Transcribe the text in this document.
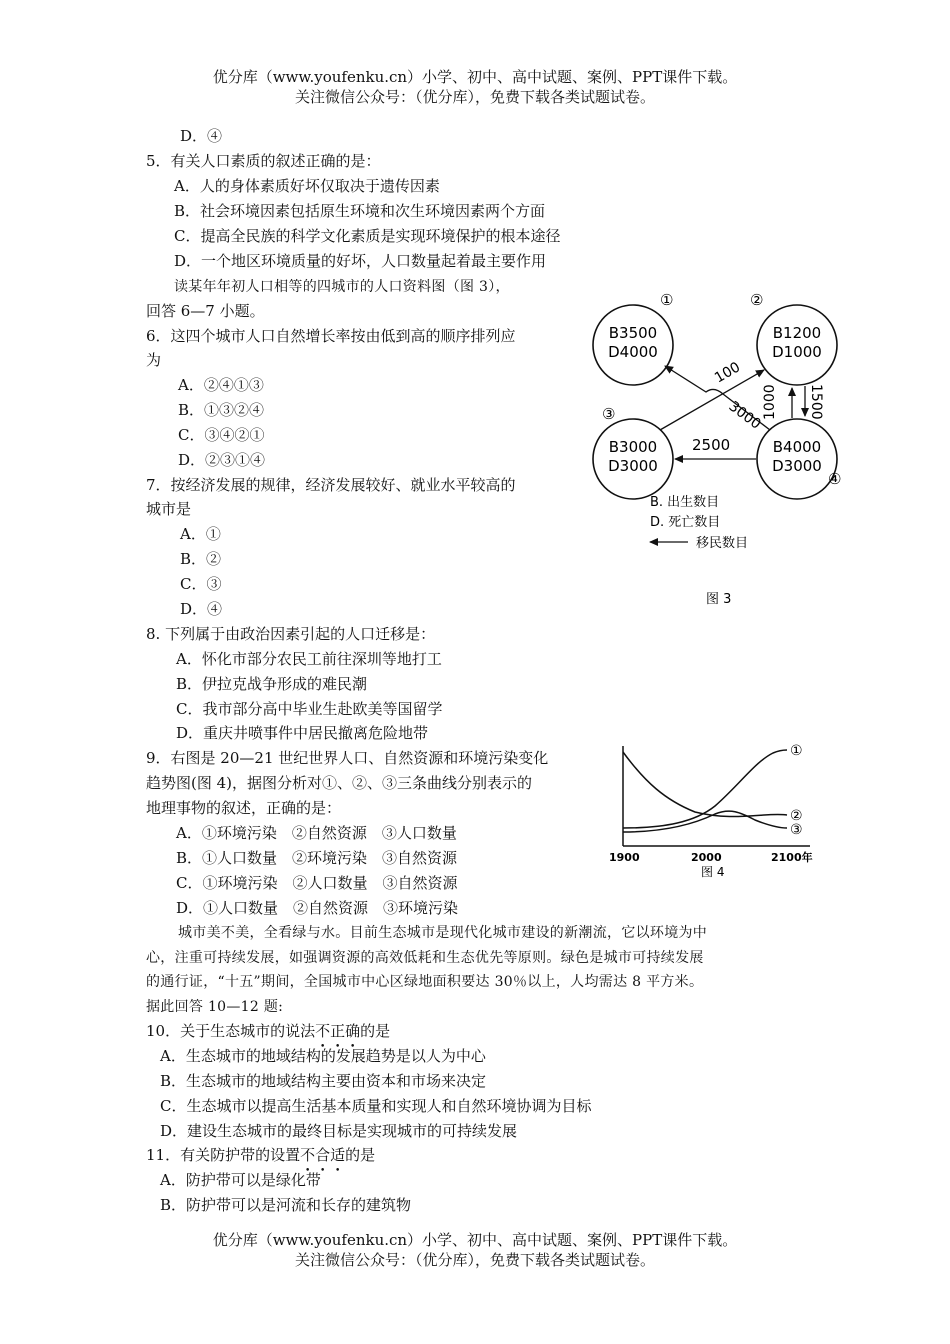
优分库（www.youfenku.cn）小学、初中、高中试题、案例、PPT课件下载。
关注微信公众号：（优分库），免费下载各类试题试卷。
D．④
5．有关人口素质的叙述正确的是：
A．人的身体素质好坏仅取决于遗传因素
B．社会环境因素包括原生环境和次生环境因素两个方面
C．提高全民族的科学文化素质是实现环境保护的根本途径
D．一个地区环境质量的好坏，人口数量起着最主要作用
读某年年初人口相等的四城市的人口资料图（图 3），
回答 6—7 小题。
6．这四个城市人口自然增长率按由低到高的顺序排列应
为
A．②④①③
B．①③②④
C．③④②①
D．②③①④
7．按经济发展的规律，经济发展较好、就业水平较高的
城市是
A．①
B．②
C．③
D．④
①	②
③
④
B3500
D4000
B1200
D1000
B3000
D3000
B4000
D3000
100
3000
2500
1500
1000
B. 出生数目
D. 死亡数目
移民数目
图 3
8. 下列属于由政治因素引起的人口迁移是：
A．怀化市部分农民工前往深圳等地打工
B．伊拉克战争形成的难民潮
C．我市部分高中毕业生赴欧美等国留学
D．重庆井喷事件中居民撤离危险地带
9．右图是 20—21 世纪世界人口、自然资源和环境污染变化
趋势图(图 4)，据图分析对①、②、③三条曲线分别表示的
地理事物的叙述，正确的是：
A．①环境污染　②自然资源　③人口数量
B．①人口数量　②环境污染　③自然资源
C．①环境污染　②人口数量　③自然资源
D．①人口数量　②自然资源　③环境污染
①
②
③
1900	2000	2100年
图 4
城市美不美，全看绿与水。目前生态城市是现代化城市建设的新潮流，它以环境为中
心，注重可持续发展，如强调资源的高效低耗和生态优先等原则。绿色是城市可持续发展
的通行证，“十五”期间，全国城市中心区绿地面积要达 30％以上，人均需达 8 平方米。
据此回答 10—12 题:
10．关于生态城市的说法不正确的是
A．生态城市的地域结构的发展趋势是以人为中心
B．生态城市的地域结构主要由资本和市场来决定
C．生态城市以提高生活基本质量和实现人和自然环境协调为目标
D．建设生态城市的最终目标是实现城市的可持续发展
11．有关防护带的设置不合适的是
A．防护带可以是绿化带
B．防护带可以是河流和长存的建筑物
优分库（www.youfenku.cn）小学、初中、高中试题、案例、PPT课件下载。
关注微信公众号：（优分库），免费下载各类试题试卷。
